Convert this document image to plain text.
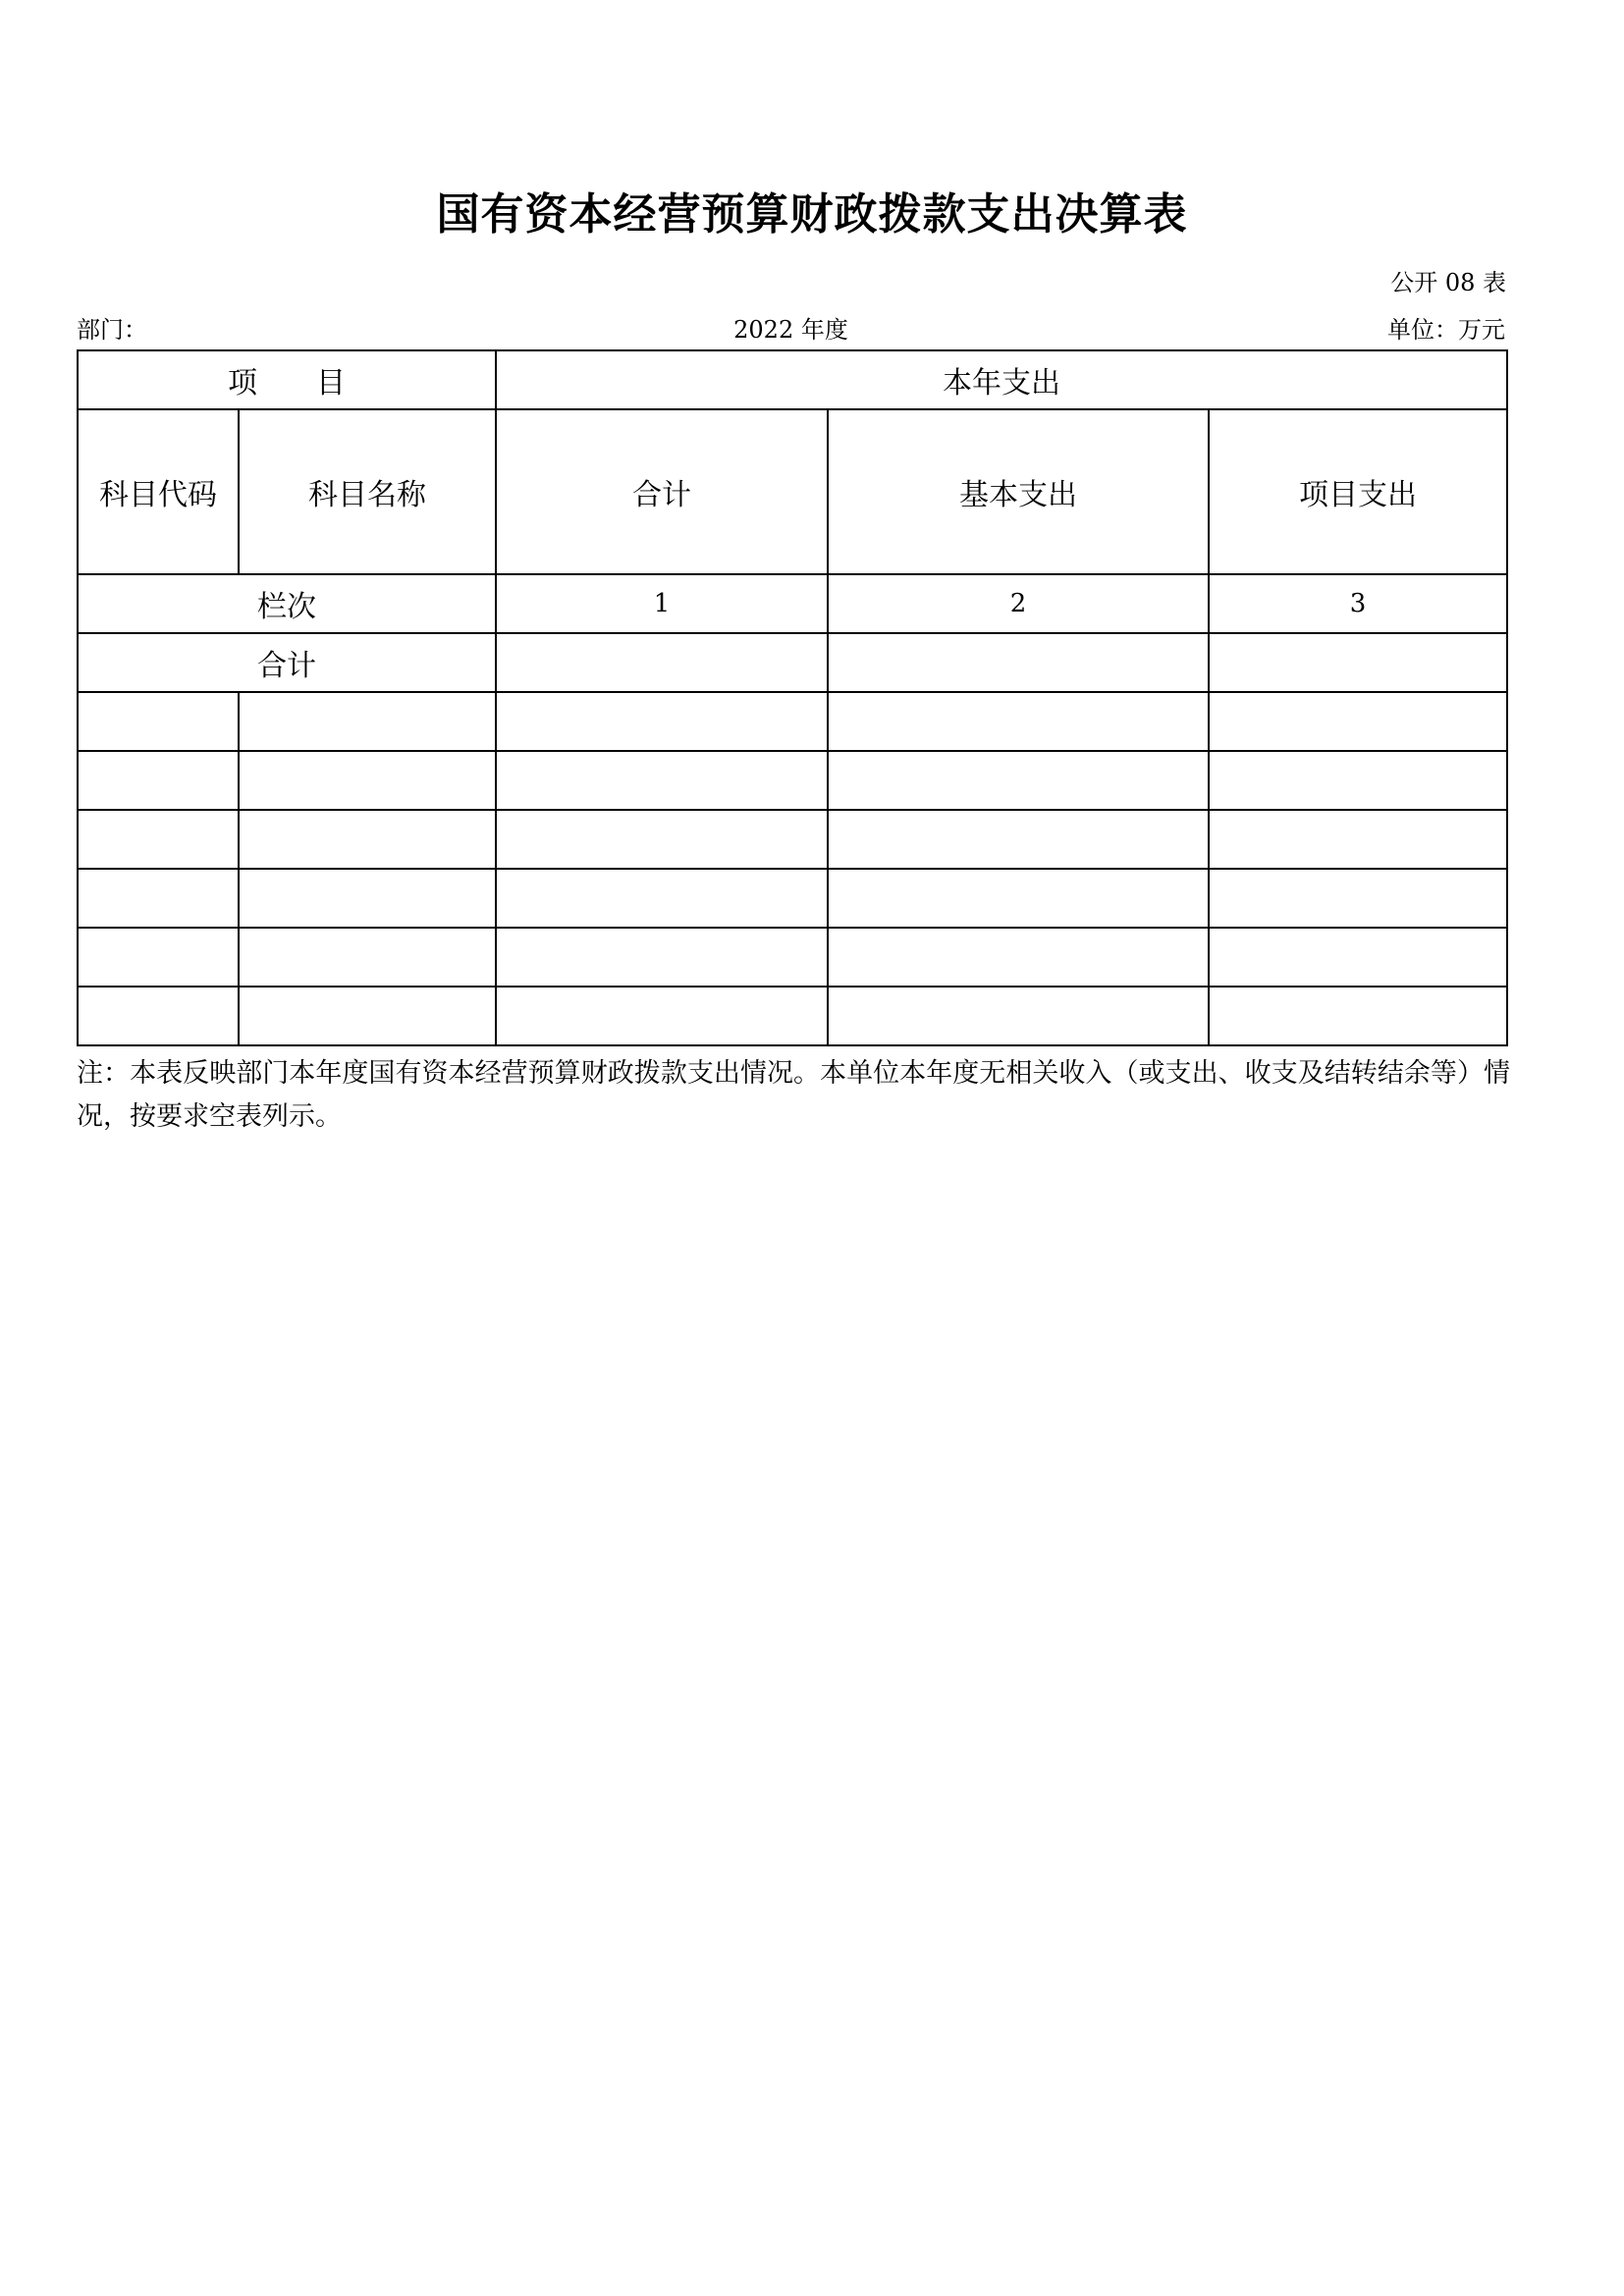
国有资本经营预算财政拨款支出决算表
公开 08 表
部门：	2022 年度	单位：万元
项　　目		本年支出		
科目代码	科目名称	合计	基本支出	项目支出
栏次		1	2	3
合计				

注：本表反映部门本年度国有资本经营预算财政拨款支出情况。本单位本年度无相关收入（或支出、收支及结转结余等）情况，按要求空表列示。
